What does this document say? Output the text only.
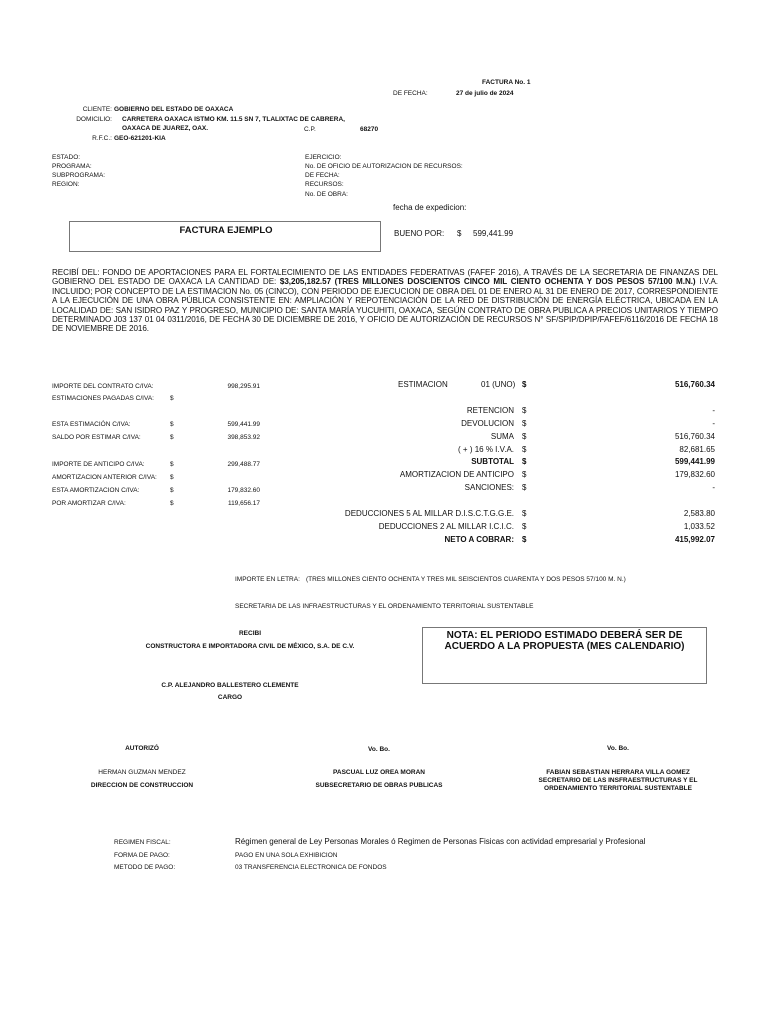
FACTURA No. 1
DE FECHA:	27 de julio de 2024
CLIENTE: GOBIERNO DEL ESTADO DE OAXACA
DOMICILIO: CARRETERA OAXACA ISTMO KM. 11.5 SN 7, TLALIXTAC DE CABRERA,
OAXACA DE JUAREZ, OAX.	C.P.	68270
R.F.C.: GEO-621201-KIA
ESTADO:
PROGRAMA:
SUBPROGRAMA:
REGION:
EJERCICIO:
No. DE OFICIO DE AUTORIZACION DE RECURSOS:
DE FECHA:
RECURSOS:
No. DE OBRA:
fecha de expedicion:
FACTURA EJEMPLO	BUENO POR: $ 599,441.99
RECIBÍ DEL: FONDO DE APORTACIONES PARA EL FORTALECIMIENTO DE LAS ENTIDADES FEDERATIVAS (FAFEF 2016), A TRAVÉS DE LA SECRETARIA DE FINANZAS DEL GOBIERNO DEL ESTADO DE OAXACA LA CANTIDAD DE: $3,205,182.57 (TRES MILLONES DOSCIENTOS CINCO MIL CIENTO OCHENTA Y DOS PESOS 57/100 M.N.) I.V.A. INCLUIDO; POR CONCEPTO DE LA ESTIMACION No. 05 (CINCO), CON PERIODO DE EJECUCION DE OBRA DEL 01 DE ENERO AL 31 DE ENERO DE 2017, CORRESPONDIENTE A LA EJECUCIÓN DE UNA OBRA PÚBLICA CONSISTENTE EN: AMPLIACIÓN Y REPOTENCIACIÓN DE LA RED DE DISTRIBUCIÓN DE ENERGÍA ELÉCTRICA, UBICADA EN LA LOCALIDAD DE: SAN ISIDRO PAZ Y PROGRESO, MUNICIPIO DE: SANTA MARÍA YUCUHITI, OAXACA, SEGÚN CONTRATO DE OBRA PUBLICA A PRECIOS UNITARIOS Y TIEMPO DETERMINADO J03 137 01 04 0311/2016, DE FECHA 30 DE DICIEMBRE DE 2016, Y OFICIO DE AUTORIZACIÓN DE RECURSOS N° SF/SPIP/DPIP/FAFEF/6116/2016 DE FECHA 18 DE NOVIEMBRE DE 2016.
IMPORTE DEL CONTRATO C/IVA:	998,295.91
ESTIMACIONES PAGADAS C/IVA: $
ESTA ESTIMACIÓN C/IVA:	$	599,441.99
SALDO POR ESTIMAR C/IVA:	$	398,853.92
IMPORTE DE ANTICIPO C/IVA:	$	299,488.77
AMORTIZACION ANTERIOR C/IVA: $
ESTA AMORTIZACION C/IVA:	$	179,832.60
POR AMORTIZAR C/IVA:	$	119,656.17
ESTIMACION	01 (UNO) $	516,760.34
RETENCION $	-
DEVOLUCION $	-
SUMA $	516,760.34
( + ) 16 % I.V.A. $	82,681.65
SUBTOTAL $	599,441.99
AMORTIZACION DE ANTICIPO $	179,832.60
SANCIONES: $	-
DEDUCCIONES 5 AL MILLAR D.I.S.C.T.G.G.E. $	2,583.80
DEDUCCIONES 2 AL MILLAR I.C.I.C. $	1,033.52
NETO A COBRAR: $	415,992.07
IMPORTE EN LETRA: (TRES MILLONES CIENTO OCHENTA Y TRES MIL SEISCIENTOS CUARENTA Y DOS PESOS 57/100 M. N.)
SECRETARIA DE LAS INFRAESTRUCTURAS Y EL ORDENAMIENTO TERRITORIAL SUSTENTABLE
RECIBI
CONSTRUCTORA E IMPORTADORA CIVIL DE MÉXICO, S.A. DE C.V.
C.P. ALEJANDRO BALLESTERO CLEMENTE
CARGO
NOTA: EL PERIODO ESTIMADO DEBERÁ SER DE ACUERDO A LA PROPUESTA (MES CALENDARIO)
AUTORIZÓ	Vo. Bo.	Vo. Bo.
HERMAN GUZMAN MENDEZ
DIRECCION DE CONSTRUCCION
PASCUAL LUZ OREA MORAN
SUBSECRETARIO DE OBRAS PUBLICAS
FABIAN SEBASTIAN HERRARA VILLA GOMEZ
SECRETARIO DE LAS INSFRAESTRUCTURAS Y EL
ORDENAMIENTO TERRITORIAL SUSTENTABLE
REGIMEN FISCAL:	Régimen general de Ley Personas Morales ó Regimen de Personas Fisicas con actividad empresarial y Profesional
FORMA DE PAGO:	PAGO EN UNA SOLA EXHIBICION
METODO DE PAGO:	03 TRANSFERENCIA ELECTRONICA DE FONDOS
